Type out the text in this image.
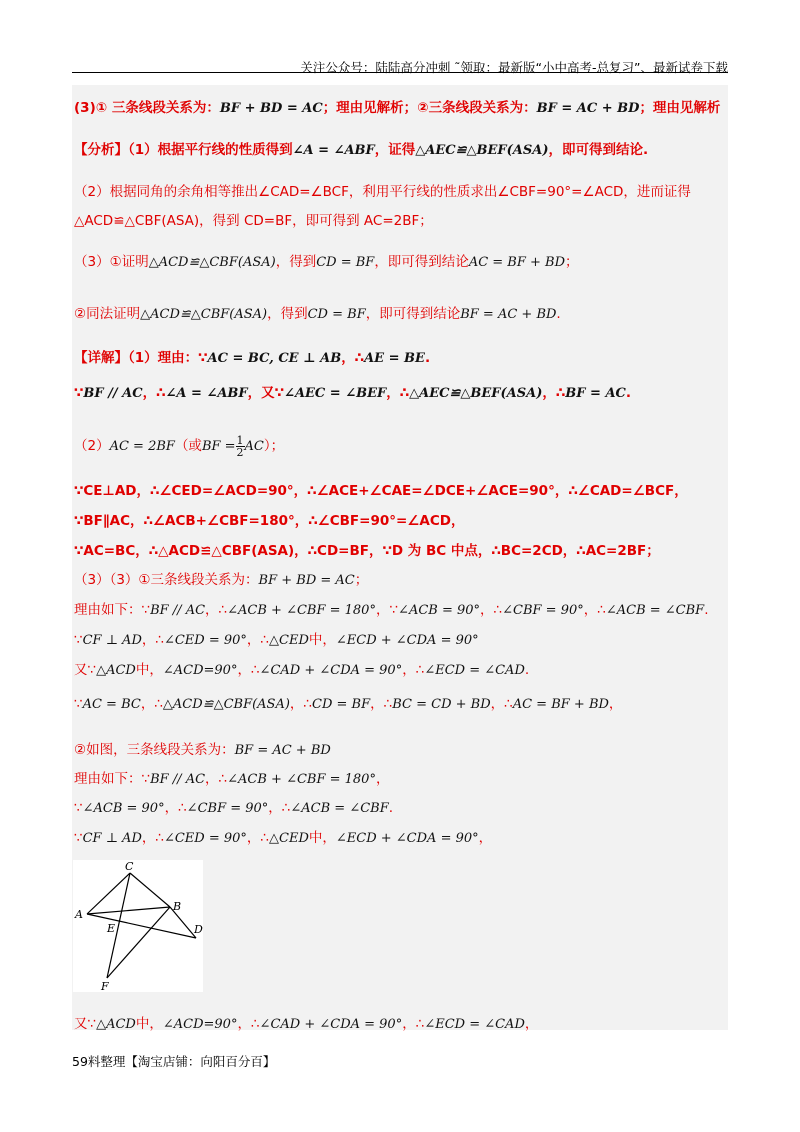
关注公众号：陆陆高分冲刺 ˜领取：最新版“小中高考-总复习”、最新试卷下载
(3)① 三条线段关系为：BF + BD = AC；理由见解析；②三条线段关系为：BF = AC + BD；理由见解析
【分析】（1）根据平行线的性质得到∠A = ∠ABF，证得△AEC≌△BEF(ASA)，即可得到结论.
（2）根据同角的余角相等推出∠CAD=∠BCF，利用平行线的性质求出∠CBF=90°=∠ACD，进而证得
△ACD≌△CBF(ASA)，得到 CD=BF，即可得到 AC=2BF；
（3）①证明△ACD≌△CBF(ASA)，得到CD = BF，即可得到结论AC = BF + BD；
②同法证明△ACD≌△CBF(ASA)，得到CD = BF，即可得到结论BF = AC + BD.
【详解】（1）理由：∵AC = BC, CE ⊥ AB，∴AE = BE.
∵BF // AC，∴∠A = ∠ABF，又∵∠AEC = ∠BEF，∴△AEC≌△BEF(ASA)，∴BF = AC.
（2）AC = 2BF（或BF = $\frac{1}{2} AC$）；
∵CE⊥AD，∴∠CED=∠ACD=90°，∴∠ACE+∠CAE=∠DCE+∠ACE=90°，∴∠CAD=∠BCF，
∵BF∥AC，∴∠ACB+∠CBF=180°，∴∠CBF=90°=∠ACD，
∵AC=BC，∴△ACD≌△CBF(ASA)，∴CD=BF，∵D 为 BC 中点，∴BC=2CD，∴AC=2BF；
（3）（3）①三条线段关系为：BF + BD = AC；
理由如下：∵BF // AC，∴∠ACB + ∠CBF = 180°，∵∠ACB = 90°，∴∠CBF = 90°，∴∠ACB = ∠CBF.
∵CF ⊥ AD，∴∠CED = 90°，∴△CED中，∠ECD + ∠CDA = 90°
又∵△ACD中，∠ACD=90°，∴∠CAD + ∠CDA = 90°，∴∠ECD = ∠CAD.
∵AC = BC，∴△ACD≌△CBF(ASA)，∴CD = BF，∴BC = CD + BD，∴AC = BF + BD，
②如图，三条线段关系为：BF = AC + BD
理由如下：∵BF // AC，∴∠ACB + ∠CBF = 180°，
∵∠ACB = 90°，∴∠CBF = 90°，∴∠ACB = ∠CBF.
∵CF ⊥ AD，∴∠CED = 90°，∴△CED中，∠ECD + ∠CDA = 90°，
C
A
B
E	D
F
又∵△ACD中，∠ACD=90°，∴∠CAD + ∠CDA = 90°，∴∠ECD = ∠CAD，
59料整理【淘宝店铺：向阳百分百】
